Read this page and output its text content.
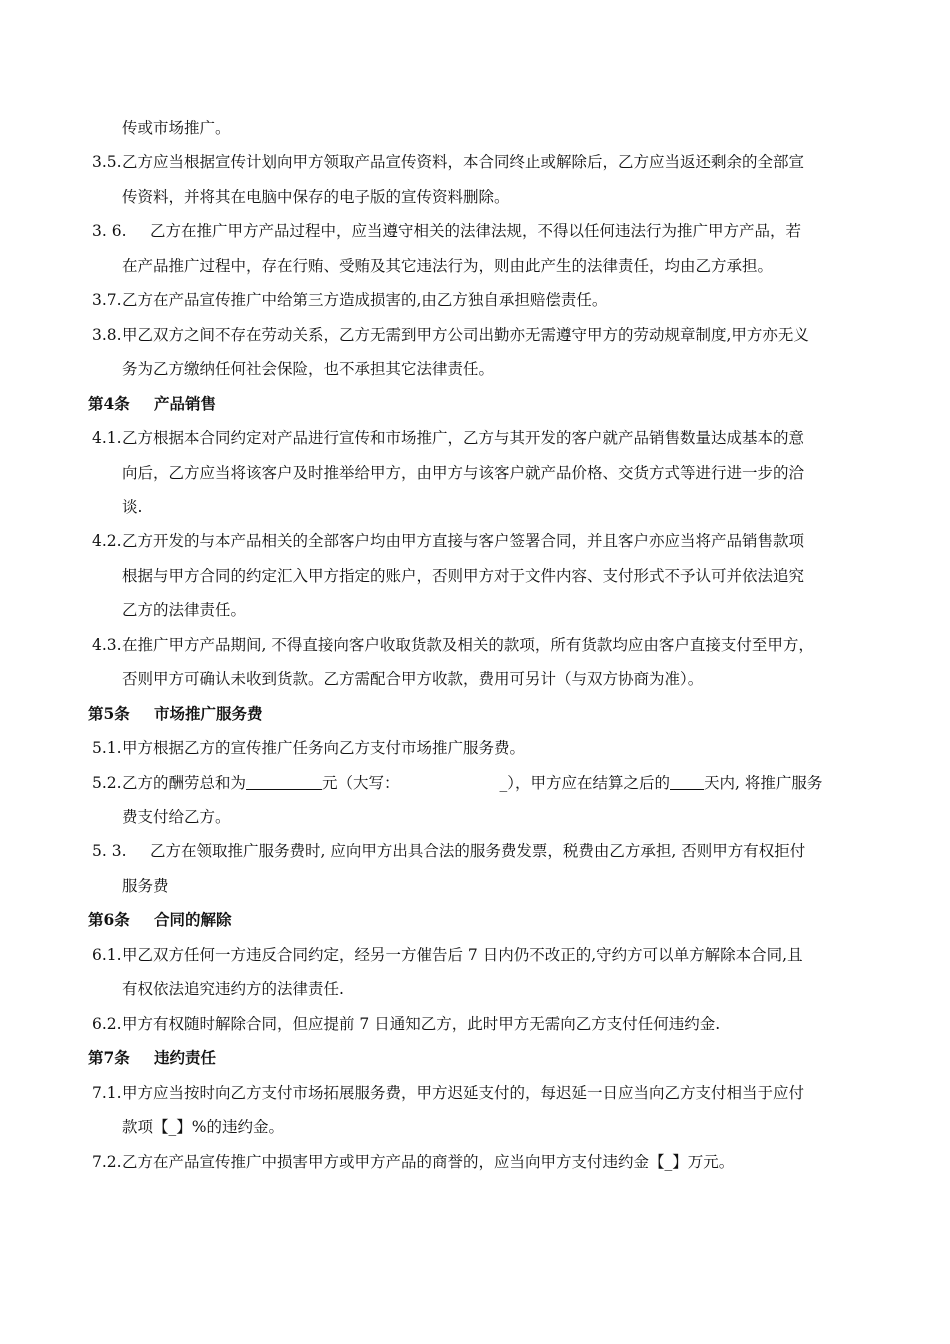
传或市场推广。
3.5. 乙方应当根据宣传计划向甲方领取产品宣传资料，本合同终止或解除后，乙方应当返还剩余的全部宣
传资料，并将其在电脑中保存的电子版的宣传资料删除。
3. 6. 乙方在推广甲方产品过程中，应当遵守相关的法律法规，不得以任何违法行为推广甲方产品，若
在产品推广过程中，存在行贿、受贿及其它违法行为，则由此产生的法律责任，均由乙方承担。
3.7. 乙方在产品宣传推广中给第三方造成损害的,由乙方独自承担赔偿责任。
3.8. 甲乙双方之间不存在劳动关系，乙方无需到甲方公司出勤亦无需遵守甲方的劳动规章制度,甲方亦无义
务为乙方缴纳任何社会保险，也不承担其它法律责任。
第4条 产品销售
4.1. 乙方根据本合同约定对产品进行宣传和市场推广，乙方与其开发的客户就产品销售数量达成基本的意
向后，乙方应当将该客户及时推举给甲方，由甲方与该客户就产品价格、交货方式等进行进一步的洽
谈.
4.2. 乙方开发的与本产品相关的全部客户均由甲方直接与客户签署合同，并且客户亦应当将产品销售款项
根据与甲方合同的约定汇入甲方指定的账户，否则甲方对于文件内容、支付形式不予认可并依法追究
乙方的法律责任。
4.3. 在推广甲方产品期间, 不得直接向客户收取货款及相关的款项，所有货款均应由客户直接支付至甲方，
否则甲方可确认未收到货款。乙方需配合甲方收款，费用可另计（与双方协商为准）。
第5条 市场推广服务费
5.1. 甲方根据乙方的宣传推广任务向乙方支付市场推广服务费。
5.2. 乙方的酬劳总和为	元（大写：	_），甲方应在结算之后的 天内, 将推广服务
费支付给乙方。
5. 3. 乙方在领取推广服务费时, 应向甲方出具合法的服务费发票，税费由乙方承担, 否则甲方有权拒付
服务费
第6条 合同的解除
6.1. 甲乙双方任何一方违反合同约定，经另一方催告后 7 日内仍不改正的,守约方可以单方解除本合同,且
有权依法追究违约方的法律责任.
6.2. 甲方有权随时解除合同，但应提前 7 日通知乙方，此时甲方无需向乙方支付任何违约金.
第7条 违约责任
7.1. 甲方应当按时向乙方支付市场拓展服务费，甲方迟延支付的，每迟延一日应当向乙方支付相当于应付
款项【_】%的违约金。
7.2. 乙方在产品宣传推广中损害甲方或甲方产品的商誉的，应当向甲方支付违约金【_】万元。
